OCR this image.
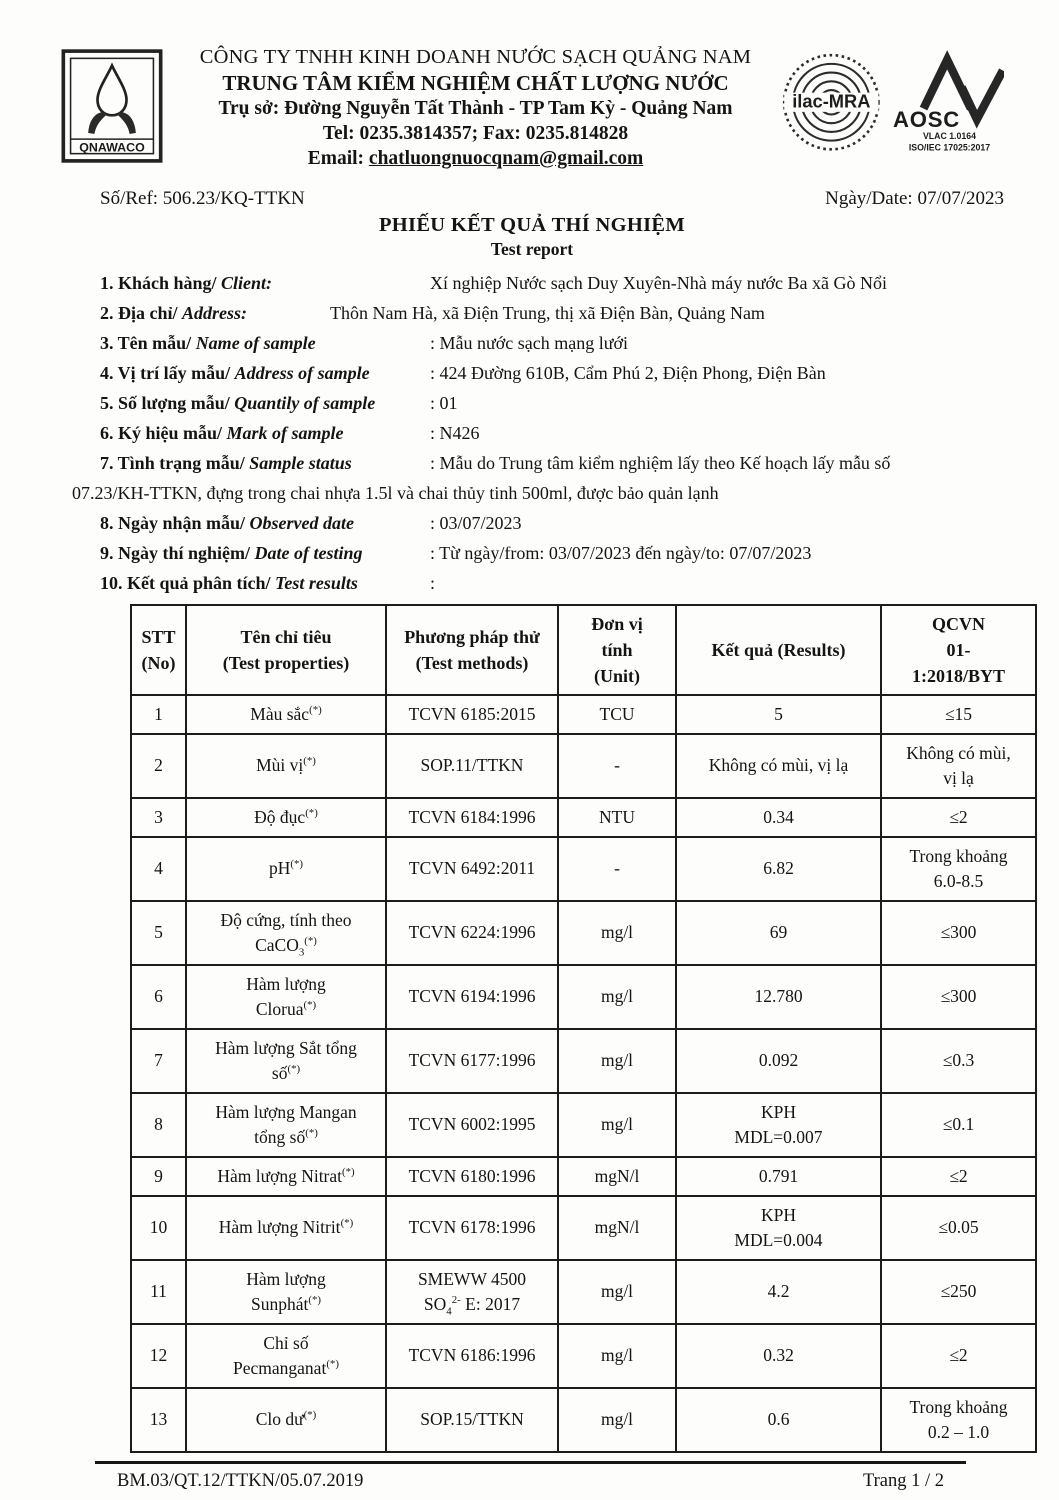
QNAWACO
CÔNG TY TNHH KINH DOANH NƯỚC SẠCH QUẢNG NAM
TRUNG TÂM KIỂM NGHIỆM CHẤT LƯỢNG NƯỚC
Trụ sở: Đường Nguyễn Tất Thành - TP Tam Kỳ - Quảng Nam
Tel: 0235.3814357; Fax: 0235.814828
Email: chatluongnuocqnam@gmail.com
ilac-MRA
AOSC
VLAC 1.0164
ISO/IEC 17025:2017
Số/Ref: 506.23/KQ-TTKN	Ngày/Date: 07/07/2023
PHIẾU KẾT QUẢ THÍ NGHIỆM
Test report
1. Khách hàng/ Client:	Xí nghiệp Nước sạch Duy Xuyên-Nhà máy nước Ba xã Gò Nổi
2. Địa chỉ/ Address:	Thôn Nam Hà, xã Điện Trung, thị xã Điện Bàn, Quảng Nam
3. Tên mẫu/ Name of sample	: Mẫu nước sạch mạng lưới
4. Vị trí lấy mẫu/ Address of sample	: 424 Đường 610B, Cẩm Phú 2, Điện Phong, Điện Bàn
5. Số lượng mẫu/ Quantily of sample	: 01
6. Ký hiệu mẫu/ Mark of sample	: N426
7. Tình trạng mẫu/ Sample status	: Mẫu do Trung tâm kiểm nghiệm lấy theo Kế hoạch lấy mẫu số
07.23/KH-TTKN, đựng trong chai nhựa 1.5l và chai thủy tinh 500ml, được bảo quản lạnh
8. Ngày nhận mẫu/ Observed date	: 03/07/2023
9. Ngày thí nghiệm/ Date of testing	: Từ ngày/from: 03/07/2023 đến ngày/to: 07/07/2023
10. Kết quả phân tích/ Test results	:
STT
(No)	Tên chỉ tiêu
(Test properties)	Phương pháp thử
(Test methods)	Đơn vị
tính
(Unit)	Kết quả (Results)	QCVN
01-
1:2018/BYT
1	Màu sắc(*)	TCVN 6185:2015	TCU	5	≤15
2	Mùi vị(*)	SOP.11/TTKN	-	Không có mùi, vị lạ	Không có mùi,
vị lạ
3	Độ đục(*)	TCVN 6184:1996	NTU	0.34	≤2
4	pH(*)	TCVN 6492:2011	-	6.82	Trong khoảng
6.0-8.5
5	Độ cứng, tính theo
CaCO$_3$(*)	TCVN 6224:1996	mg/l	69	≤300
6	Hàm lượng
Clorua(*)	TCVN 6194:1996	mg/l	12.780	≤300
7	Hàm lượng Sắt tổng
số(*)	TCVN 6177:1996	mg/l	0.092	≤0.3
8	Hàm lượng Mangan
tổng số(*)	TCVN 6002:1995	mg/l	KPH
MDL=0.007	≤0.1
9	Hàm lượng Nitrat(*)	TCVN 6180:1996	mgN/l	0.791	≤2
10	Hàm lượng Nitrit(*)	TCVN 6178:1996	mgN/l	KPH
MDL=0.004	≤0.05
11	Hàm lượng
Sunphát(*)	SMEWW 4500
$SO_4^{2-}$ E: 2017	mg/l	4.2	≤250
12	Chỉ số
Pecmanganat(*)	TCVN 6186:1996	mg/l	0.32	≤2
13	Clo dư(*)	SOP.15/TTKN	mg/l	0.6	Trong khoảng
0.2 – 1.0
BM.03/QT.12/TTKN/05.07.2019	Trang 1 / 2
